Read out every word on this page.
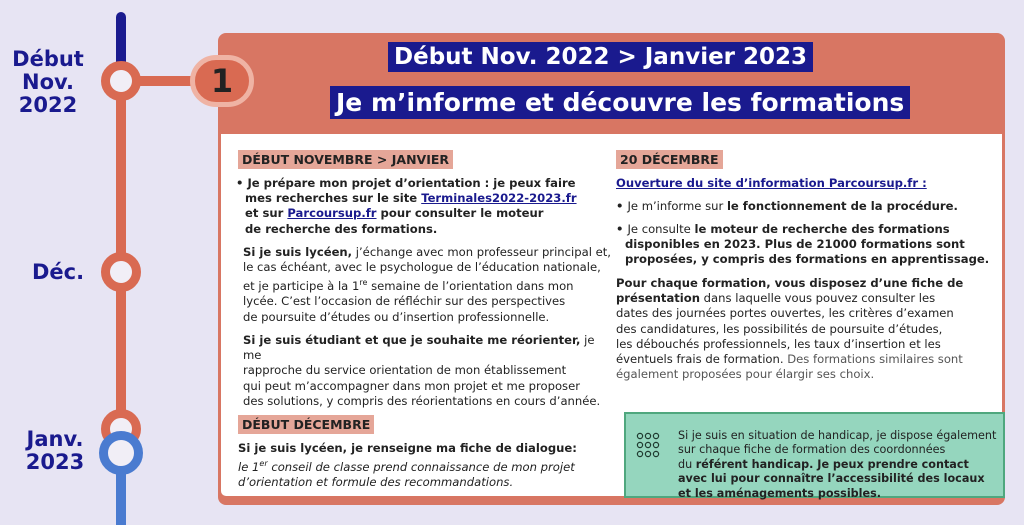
Début
Nov.
2022
Déc.
Janv.
2023
1
Début Nov. 2022 > Janvier 2023
Je m’informe et découvre les formations
DÉBUT NOVEMBRE > JANVIER
• Je prépare mon projet d’orientation : je peux faire
mes recherches sur le site Terminales2022-2023.fr
et sur Parcoursup.fr pour consulter le moteur
de recherche des formations.
Si je suis lycéen, j’échange avec mon professeur principal et,
le cas échéant, avec le psychologue de l’éducation nationale,
et je participe à la 1re semaine de l’orientation dans mon
lycée. C’est l’occasion de réfléchir sur des perspectives
de poursuite d’études ou d’insertion professionnelle.
Si je suis étudiant et que je souhaite me réorienter, je me
rapproche du service orientation de mon établissement
qui peut m’accompagner dans mon projet et me proposer
des solutions, y compris des réorientations en cours d’année.
DÉBUT DÉCEMBRE
Si je suis lycéen, je renseigne ma fiche de dialogue:
le 1er conseil de classe prend connaissance de mon projet
d’orientation et formule des recommandations.
20 DÉCEMBRE
Ouverture du site d’information Parcoursup.fr :
• Je m’informe sur le fonctionnement de la procédure.
• Je consulte le moteur de recherche des formations
disponibles en 2023. Plus de 21000 formations sont
proposées, y compris des formations en apprentissage.
Pour chaque formation, vous disposez d’une fiche de
présentation dans laquelle vous pouvez consulter les
dates des journées portes ouvertes, les critères d’examen
des candidatures, les possibilités de poursuite d’études,
les débouchés professionnels, les taux d’insertion et les
éventuels frais de formation. Des formations similaires sont
également proposées pour élargir ses choix.
Si je suis en situation de handicap, je dispose également
sur chaque fiche de formation des coordonnées
du référent handicap. Je peux prendre contact
avec lui pour connaître l’accessibilité des locaux
et les aménagements possibles.
